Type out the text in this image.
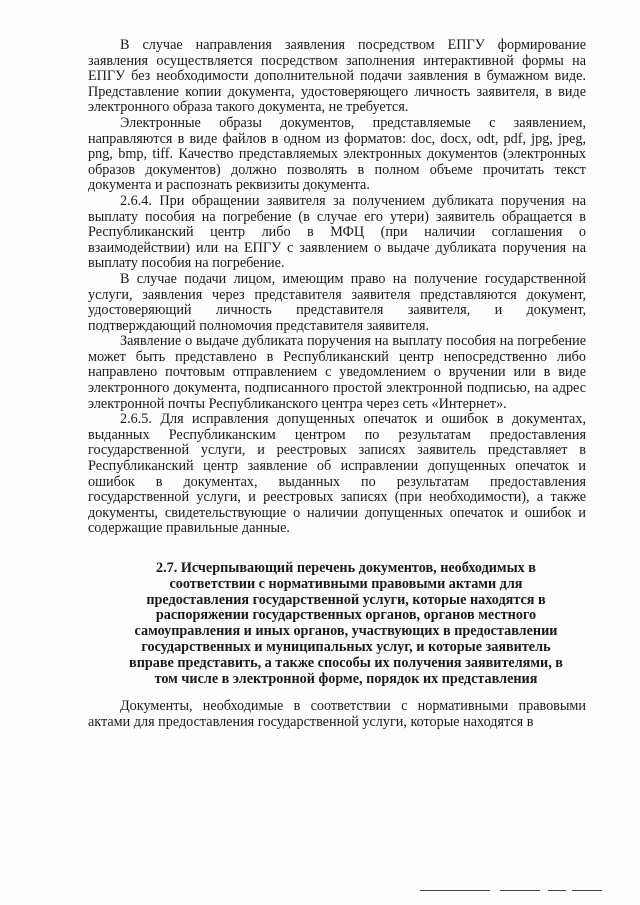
В случае направления заявления посредством ЕПГУ формирование заявления осуществляется посредством заполнения интерактивной формы на ЕПГУ без необходимости дополнительной подачи заявления в бумажном виде. Представление копии документа, удостоверяющего личность заявителя, в виде электронного образа такого документа, не требуется.

Электронные образы документов, представляемые с заявлением, направляются в виде файлов в одном из форматов: doc, docx, odt, pdf, jpg, jpeg, png, bmp, tiff. Качество представляемых электронных документов (электронных образов документов) должно позволять в полном объеме прочитать текст документа и распознать реквизиты документа.

2.6.4. При обращении заявителя за получением дубликата поручения на выплату пособия на погребение (в случае его утери) заявитель обращается в Республиканский центр либо в МФЦ (при наличии соглашения о взаимодействии) или на ЕПГУ с заявлением о выдаче дубликата поручения на выплату пособия на погребение.

В случае подачи лицом, имеющим право на получение государственной услуги, заявления через представителя заявителя представляются документ, удостоверяющий личность представителя заявителя, и документ, подтверждающий полномочия представителя заявителя.

Заявление о выдаче дубликата поручения на выплату пособия на погребение может быть представлено в Республиканский центр непосредственно либо направлено почтовым отправлением с уведомлением о вручении или в виде электронного документа, подписанного простой электронной подписью, на адрес электронной почты Республиканского центра через сеть «Интернет».

2.6.5. Для исправления допущенных опечаток и ошибок в документах, выданных Республиканским центром по результатам предоставления государственной услуги, и реестровых записях заявитель представляет в Республиканский центр заявление об исправлении допущенных опечаток и ошибок в документах, выданных по результатам предоставления государственной услуги, и реестровых записях (при необходимости), а также документы, свидетельствующие о наличии допущенных опечаток и ошибок и содержащие правильные данные.

2.7. Исчерпывающий перечень документов, необходимых в соответствии с нормативными правовыми актами для предоставления государственной услуги, которые находятся в распоряжении государственных органов, органов местного самоуправления и иных органов, участвующих в предоставлении государственных и муниципальных услуг, и которые заявитель вправе представить, а также способы их получения заявителями, в том числе в электронной форме, порядок их представления

Документы, необходимые в соответствии с нормативными правовыми актами для предоставления государственной услуги, которые находятся в
